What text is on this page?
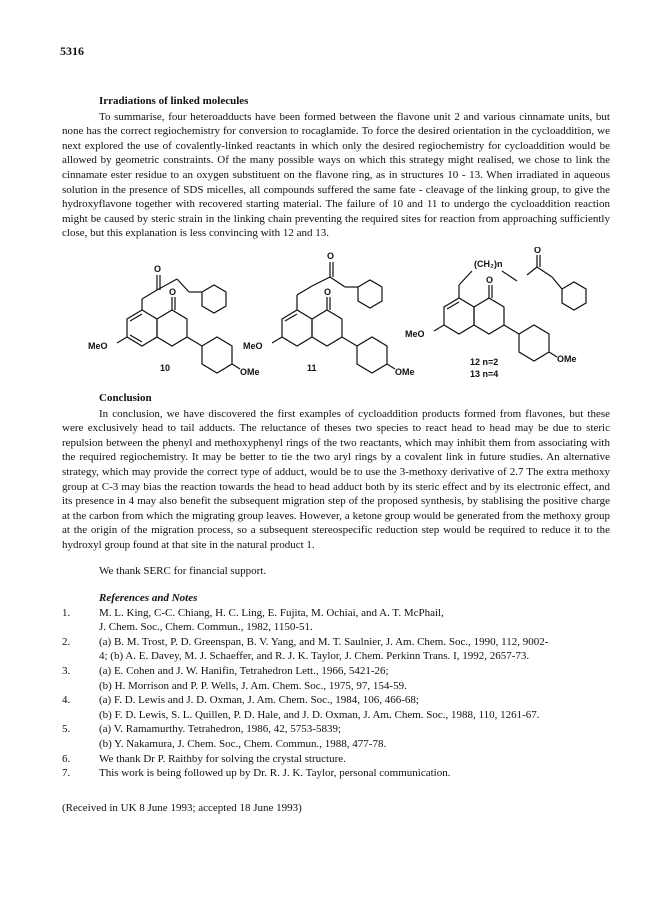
5316
Irradiations of linked molecules

To summarise, four heteroadducts have been formed between the flavone unit 2 and various cinnamate units, but none has the correct regiochemistry for conversion to rocaglamide. To force the desired orientation in the cycloaddition, we next explored the use of covalently-linked reactants in which only the desired regiochemistry for cycloaddition would be allowed by geometric constraints. Of the many possible ways on which this strategy might realised, we chose to link the cinnamate ester residue to an oxygen substituent on the flavone ring, as in structures 10 - 13. When irradiated in aqueous solution in the presence of SDS micelles, all compounds suffered the same fate - cleavage of the linking group, to give the hydroxyflavone together with recovered starting material. The failure of 10 and 11 to undergo the cycloaddition reaction might be caused by steric strain in the linking chain preventing the required sites for reaction from approaching sufficiently close, but this explanation is less convincing with 12 and 13.

O
O
MeO
OMe
10
O
O
MeO
OMe
11
(CH₂)n
O
O
MeO
OMe
12 n=2
13 n=4
Conclusion

In conclusion, we have discovered the first examples of cycloaddition products formed from flavones, but these were exclusively head to tail adducts. The reluctance of theses two species to react head to head may be due to steric repulsion between the phenyl and methoxyphenyl rings of the two reactants, which may inhibit them from associating with the required regiochemistry. It may be better to tie the two aryl rings by a covalent link in future studies. An alternative strategy, which may provide the correct type of adduct, would be to use the 3-methoxy derivative of 2.7 The extra methoxy group at C-3 may bias the reaction towards the head to head adduct both by its steric effect and by its electronic effect, and its presence in 4 may also benefit the subsequent migration step of the proposed synthesis, by stablising the positive charge at the carbon from which the migrating group leaves. However, a ketone group would be generated from the methoxy group at the origin of the migration process, so a subsequent stereospecific reduction step would be required to reduce it to the hydroxyl group found at that site in the natural product 1.

We thank SERC for financial support.
References and Notes
1.	M. L. King, C-C. Chiang, H. C. Ling, E. Fujita, M. Ochiai, and A. T. McPhail,
J. Chem. Soc., Chem. Commun., 1982, 1150-51.
2.	(a) B. M. Trost, P. D. Greenspan, B. V. Yang, and M. T. Saulnier, J. Am. Chem. Soc., 1990, 112, 9002-
4; (b) A. E. Davey, M. J. Schaeffer, and R. J. K. Taylor, J. Chem. Perkinn Trans. I, 1992, 2657-73.
3.	(a) E. Cohen and J. W. Hanifin, Tetrahedron Lett., 1966, 5421-26;
(b) H. Morrison and P. P. Wells, J. Am. Chem. Soc., 1975, 97, 154-59.
4.	(a) F. D. Lewis and J. D. Oxman, J. Am. Chem. Soc., 1984, 106, 466-68;
(b) F. D. Lewis, S. L. Quillen, P. D. Hale, and J. D. Oxman, J. Am. Chem. Soc., 1988, 110, 1261-67.
5.	(a) V. Ramamurthy. Tetrahedron, 1986, 42, 5753-5839;
(b) Y. Nakamura, J. Chem. Soc., Chem. Commun., 1988, 477-78.
6.	We thank Dr P. Raithby for solving the crystal structure.
7.	This work is being followed up by Dr. R. J. K. Taylor, personal communication.
(Received in UK 8 June 1993; accepted 18 June 1993)
